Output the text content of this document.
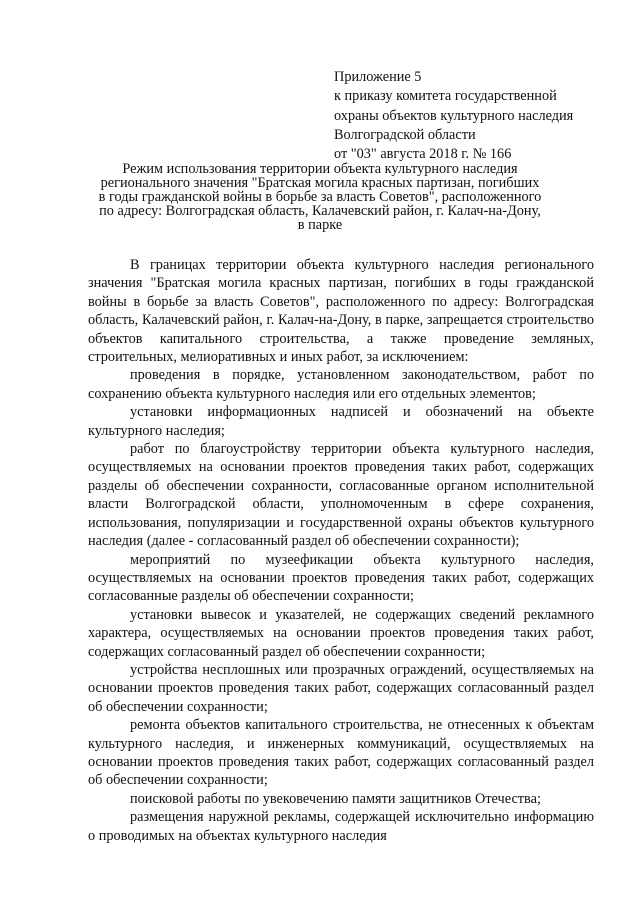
Приложение 5
к приказу комитета государственной
охраны объектов культурного наследия
Волгоградской области
от "03" августа 2018 г. № 166
Режим использования территории объекта культурного наследия
регионального значения "Братская могила красных партизан, погибших
в годы гражданской войны в борьбе за власть Советов", расположенного
по адресу: Волгоградская область, Калачевский район, г. Калач-на-Дону,
в парке

В границах территории объекта культурного наследия регионального значения "Братская могила красных партизан, погибших в годы гражданской войны в борьбе за власть Советов", расположенного по адресу: Волгоградская область, Калачевский район, г. Калач-на-Дону, в парке, запрещается строительство объектов капитального строительства, а также проведение земляных, строительных, мелиоративных и иных работ, за исключением:

проведения в порядке, установленном законодательством, работ по сохранению объекта культурного наследия или его отдельных элементов;

установки информационных надписей и обозначений на объекте культурного наследия;

работ по благоустройству территории объекта культурного наследия, осуществляемых на основании проектов проведения таких работ, содержащих разделы об обеспечении сохранности, согласованные органом исполнительной власти Волгоградской области, уполномоченным в сфере сохранения, использования, популяризации и государственной охраны объектов культурного наследия (далее - согласованный раздел об обеспечении сохранности);

мероприятий по музеефикации объекта культурного наследия, осуществляемых на основании проектов проведения таких работ, содержащих согласованные разделы об обеспечении сохранности;

установки вывесок и указателей, не содержащих сведений рекламного характера, осуществляемых на основании проектов проведения таких работ, содержащих согласованный раздел об обеспечении сохранности;

устройства несплошных или прозрачных ограждений, осуществляемых на основании проектов проведения таких работ, содержащих согласованный раздел об обеспечении сохранности;

ремонта объектов капитального строительства, не отнесенных к объектам культурного наследия, и инженерных коммуникаций, осуществляемых на основании проектов проведения таких работ, содержащих согласованный раздел об обеспечении сохранности;

поисковой работы по увековечению памяти защитников Отечества;

размещения наружной рекламы, содержащей исключительно информацию о проводимых на объектах культурного наследия
